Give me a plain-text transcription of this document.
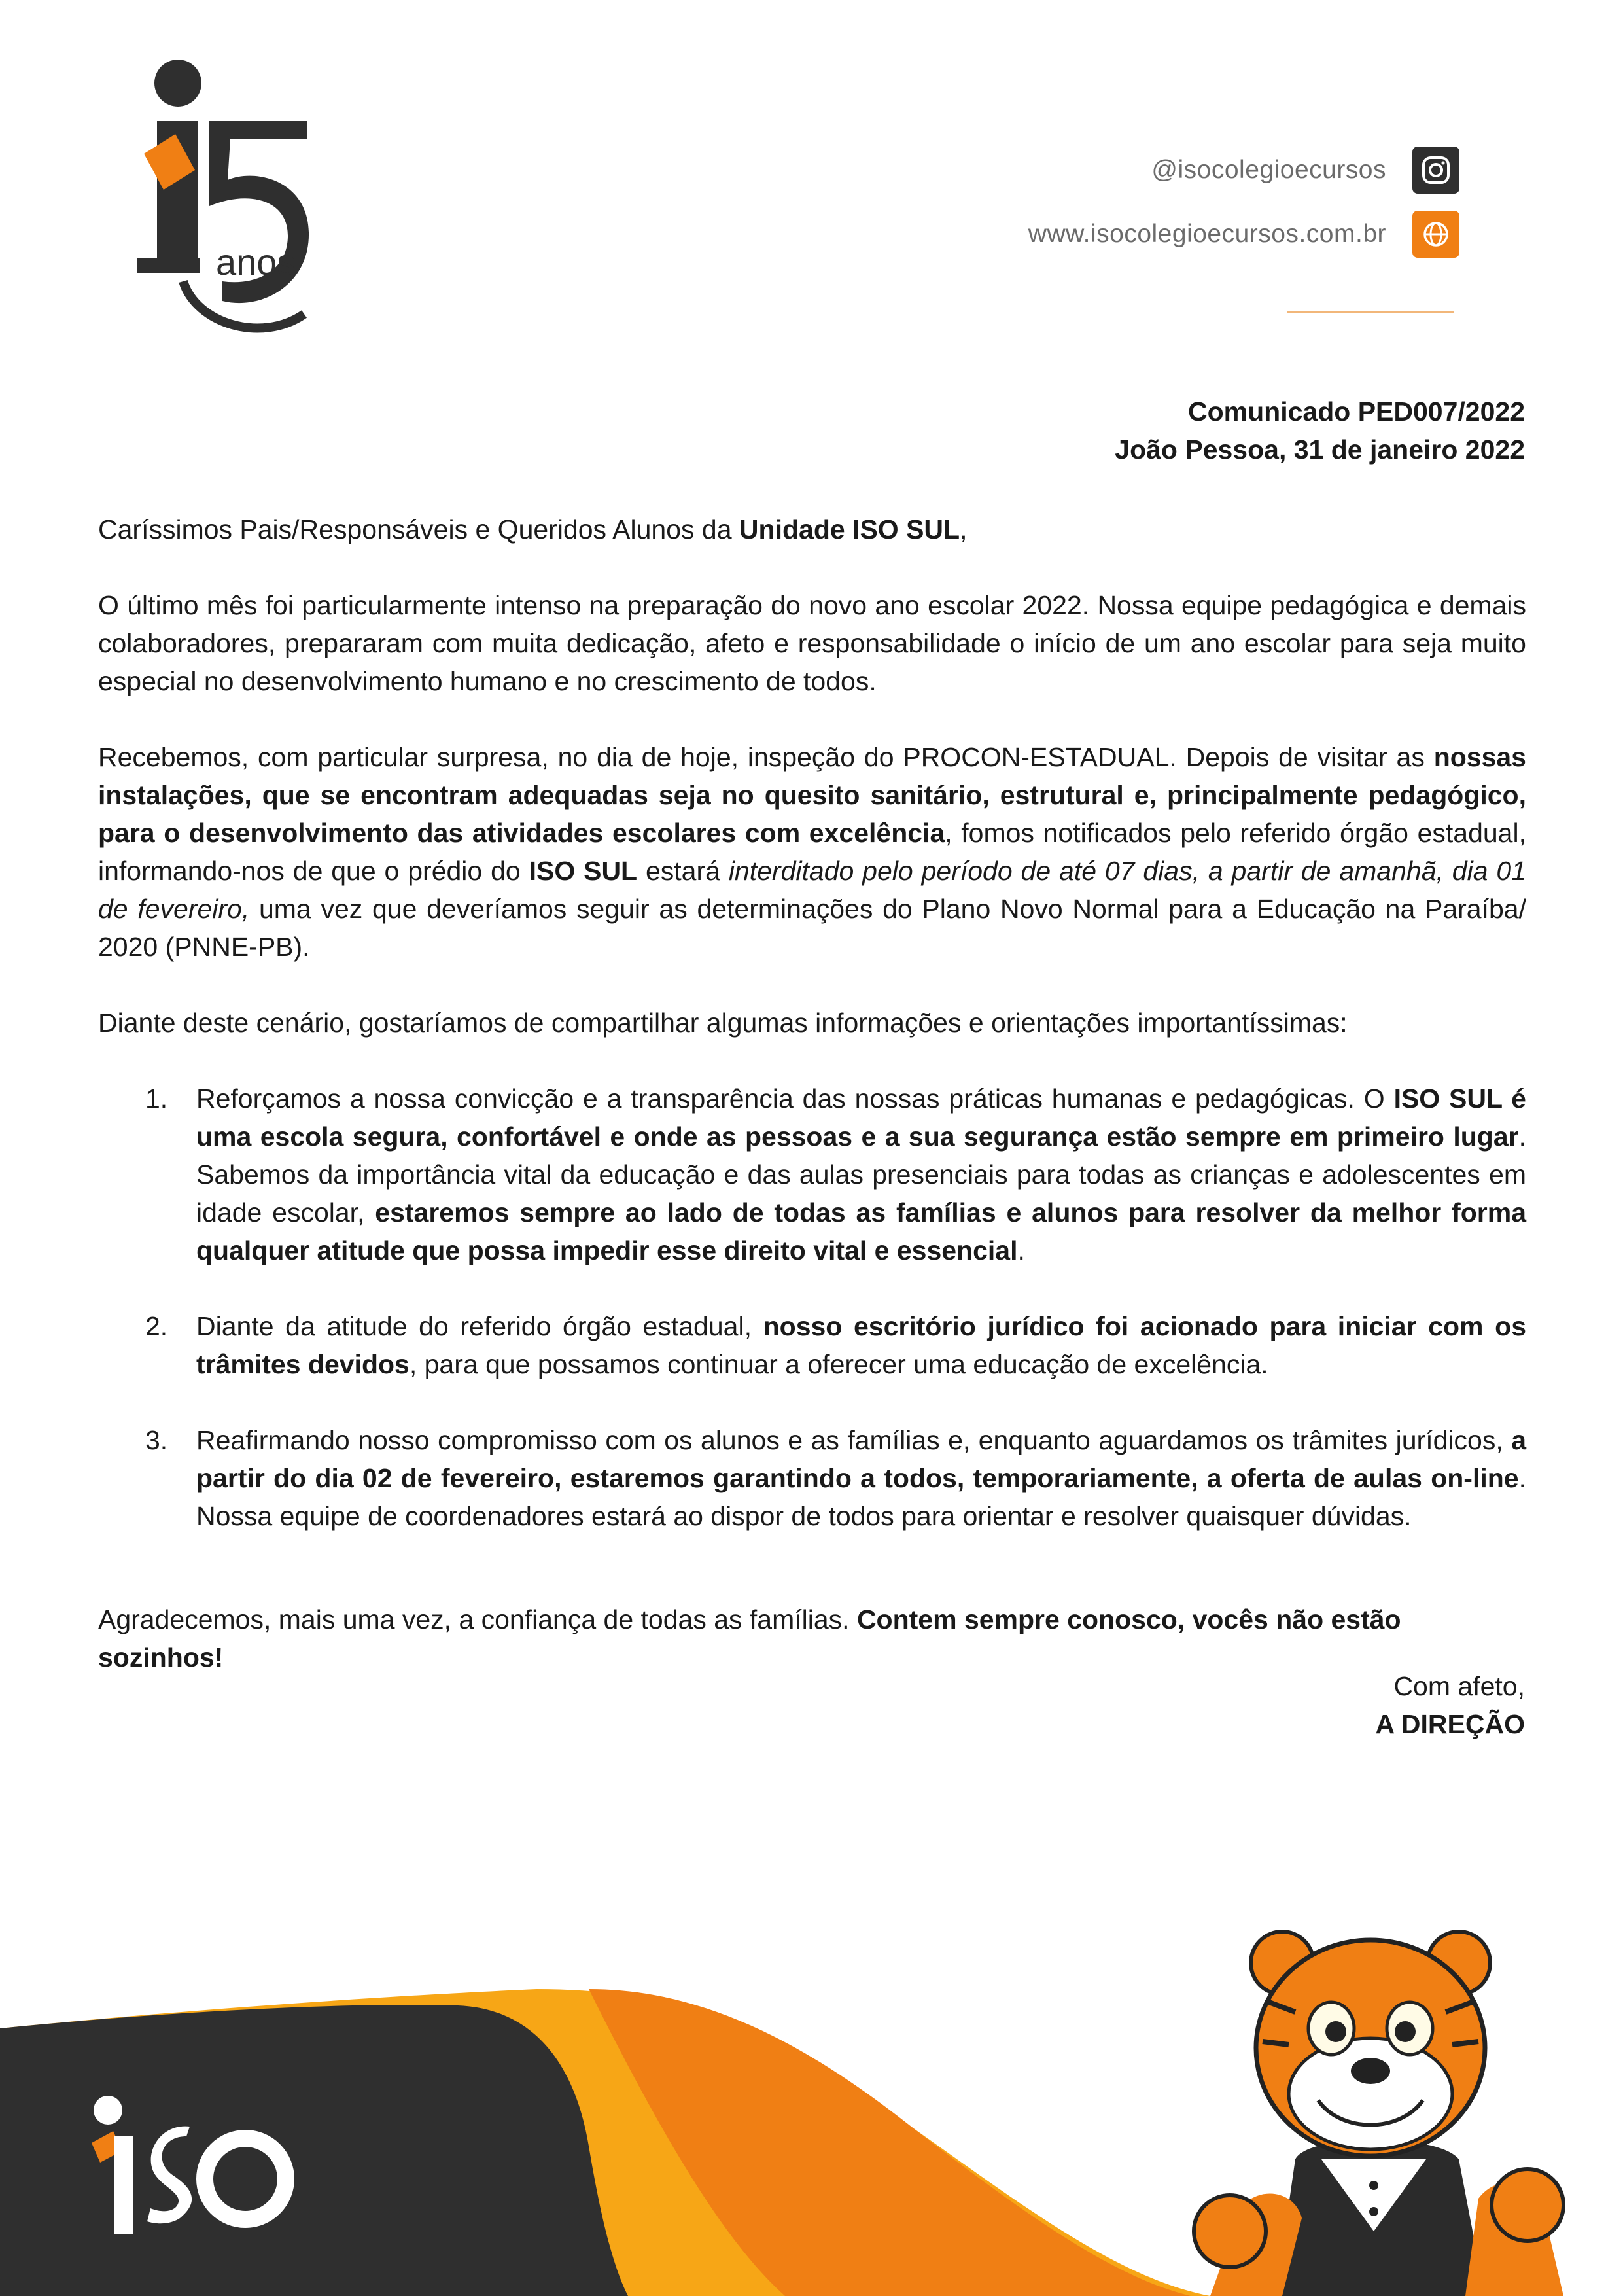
anos
@isocolegioecursos
www.isocolegioecursos.com.br
Comunicado PED007/2022
João Pessoa, 31 de janeiro 2022

Caríssimos Pais/Responsáveis e Queridos Alunos da Unidade ISO SUL,

O último mês foi particularmente intenso na preparação do novo ano escolar 2022. Nossa equipe pedagógica e demais colaboradores, prepararam com muita dedicação, afeto e responsabilidade o início de um ano escolar para seja muito especial no desenvolvimento humano e no crescimento de todos.

Recebemos, com particular surpresa, no dia de hoje, inspeção do PROCON-ESTADUAL. Depois de visitar as nossas instalações, que se encontram adequadas seja no quesito sanitário, estrutural e, principalmente pedagógico, para o desenvolvimento das atividades escolares com excelência, fomos notificados pelo referido órgão estadual, informando-nos de que o prédio do ISO SUL estará interditado pelo período de até 07 dias, a partir de amanhã, dia 01 de fevereiro, uma vez que deveríamos seguir as determinações do Plano Novo Normal para a Educação na Paraíba/ 2020 (PNNE-PB).

Diante deste cenário, gostaríamos de compartilhar algumas informações e orientações importantíssimas:

1. Reforçamos a nossa convicção e a transparência das nossas práticas humanas e pedagógicas. O ISO SUL é uma escola segura, confortável e onde as pessoas e a sua segurança estão sempre em primeiro lugar. Sabemos da importância vital da educação e das aulas presenciais para todas as crianças e adolescentes em idade escolar, estaremos sempre ao lado de todas as famílias e alunos para resolver da melhor forma qualquer atitude que possa impedir esse direito vital e essencial.
2. Diante da atitude do referido órgão estadual, nosso escritório jurídico foi acionado para iniciar com os trâmites devidos, para que possamos continuar a oferecer uma educação de excelência.
3. Reafirmando nosso compromisso com os alunos e as famílias e, enquanto aguardamos os trâmites jurídicos, a partir do dia 02 de fevereiro, estaremos garantindo a todos, temporariamente, a oferta de aulas on-line. Nossa equipe de coordenadores estará ao dispor de todos para orientar e resolver quaisquer dúvidas.

Agradecemos, mais uma vez, a confiança de todas as famílias. Contem sempre conosco, vocês não estão sozinhos!

Com afeto,
A DIREÇÃO
